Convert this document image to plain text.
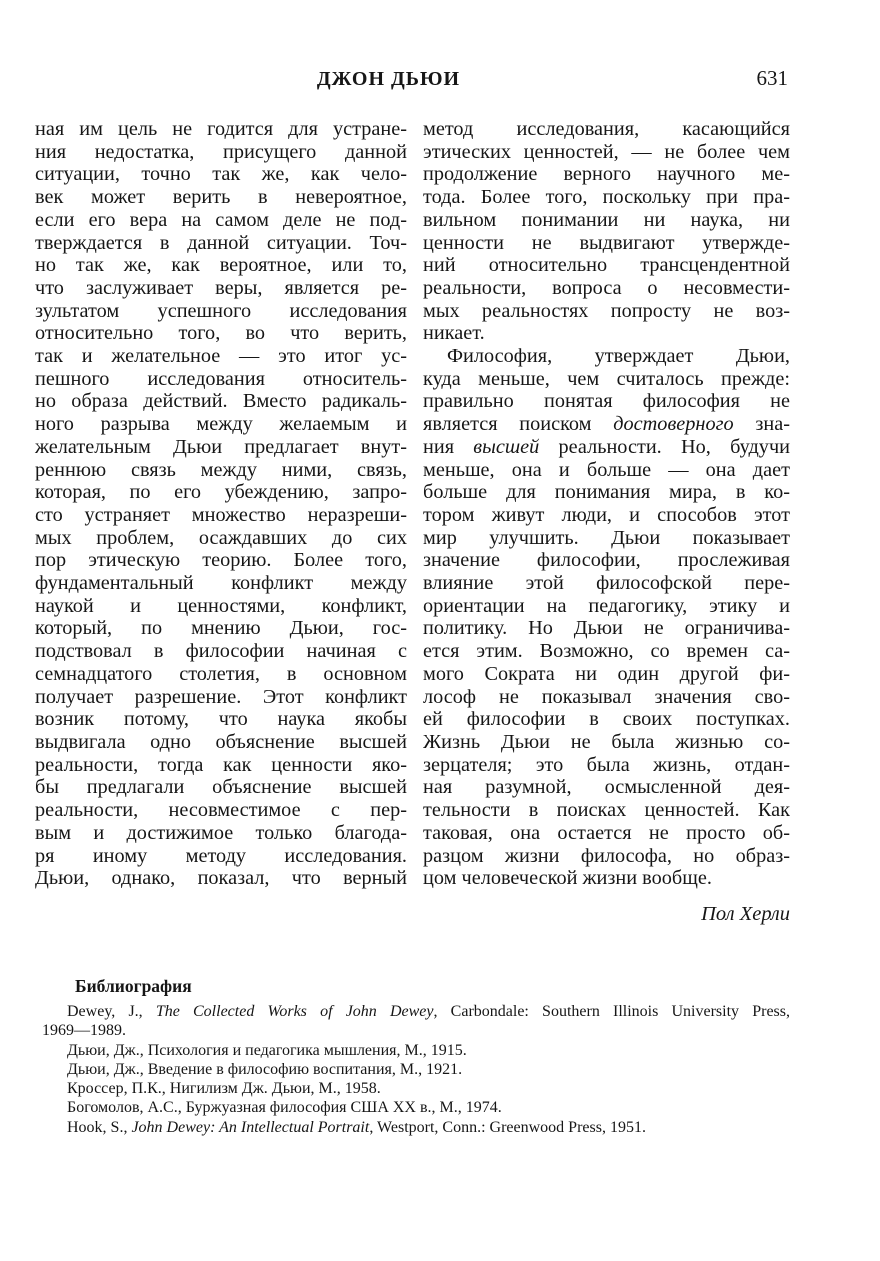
ДЖОН ДЬЮИ	631
ная им цель не годится для устране-
ния недостатка, присущего данной
ситуации, точно так же, как чело-
век может верить в невероятное,
если его вера на самом деле не под-
тверждается в данной ситуации. Точ-
но так же, как вероятное, или то,
что заслуживает веры, является ре-
зультатом успешного исследования
относительно того, во что верить,
так и желательное — это итог ус-
пешного исследования относитель-
но образа действий. Вместо радикаль-
ного разрыва между желаемым и
желательным Дьюи предлагает внут-
реннюю связь между ними, связь,
которая, по его убеждению, запро-
сто устраняет множество неразреши-
мых проблем, осаждавших до сих
пор этическую теорию. Более того,
фундаментальный конфликт между
наукой и ценностями, конфликт,
который, по мнению Дьюи, гос-
подствовал в философии начиная с
семнадцатого столетия, в основном
получает разрешение. Этот конфликт
возник потому, что наука якобы
выдвигала одно объяснение высшей
реальности, тогда как ценности яко-
бы предлагали объяснение высшей
реальности, несовместимое с пер-
вым и достижимое только благода-
ря иному методу исследования.
Дьюи, однако, показал, что верный
метод исследования, касающийся
этических ценностей, — не более чем
продолжение верного научного ме-
тода. Более того, поскольку при пра-
вильном понимании ни наука, ни
ценности не выдвигают утвержде-
ний относительно трансцендентной
реальности, вопроса о несовмести-
мых реальностях попросту не воз-
никает.
Философия, утверждает Дьюи,
куда меньше, чем считалось прежде:
правильно понятая философия не
является поиском достоверного зна-
ния высшей реальности. Но, будучи
меньше, она и больше — она дает
больше для понимания мира, в ко-
тором живут люди, и способов этот
мир улучшить. Дьюи показывает
значение философии, прослеживая
влияние этой философской пере-
ориентации на педагогику, этику и
политику. Но Дьюи не ограничива-
ется этим. Возможно, со времен са-
мого Сократа ни один другой фи-
лософ не показывал значения сво-
ей философии в своих поступках.
Жизнь Дьюи не была жизнью со-
зерцателя; это была жизнь, отдан-
ная разумной, осмысленной дея-
тельности в поисках ценностей. Как
таковая, она остается не просто об-
разцом жизни философа, но образ-
цом человеческой жизни вообще.
Пол Херли
Библиография
Dewey, J., The Collected Works of John Dewey, Carbondale: Southern Illinois University Press,
1969—1989.
Дьюи, Дж., Психология и педагогика мышления, М., 1915.
Дьюи, Дж., Введение в философию воспитания, М., 1921.
Кроссер, П.К., Нигилизм Дж. Дьюи, М., 1958.
Богомолов, А.С., Буржуазная философия США XX в., М., 1974.
Hook, S., John Dewey: An Intellectual Portrait, Westport, Conn.: Greenwood Press, 1951.
